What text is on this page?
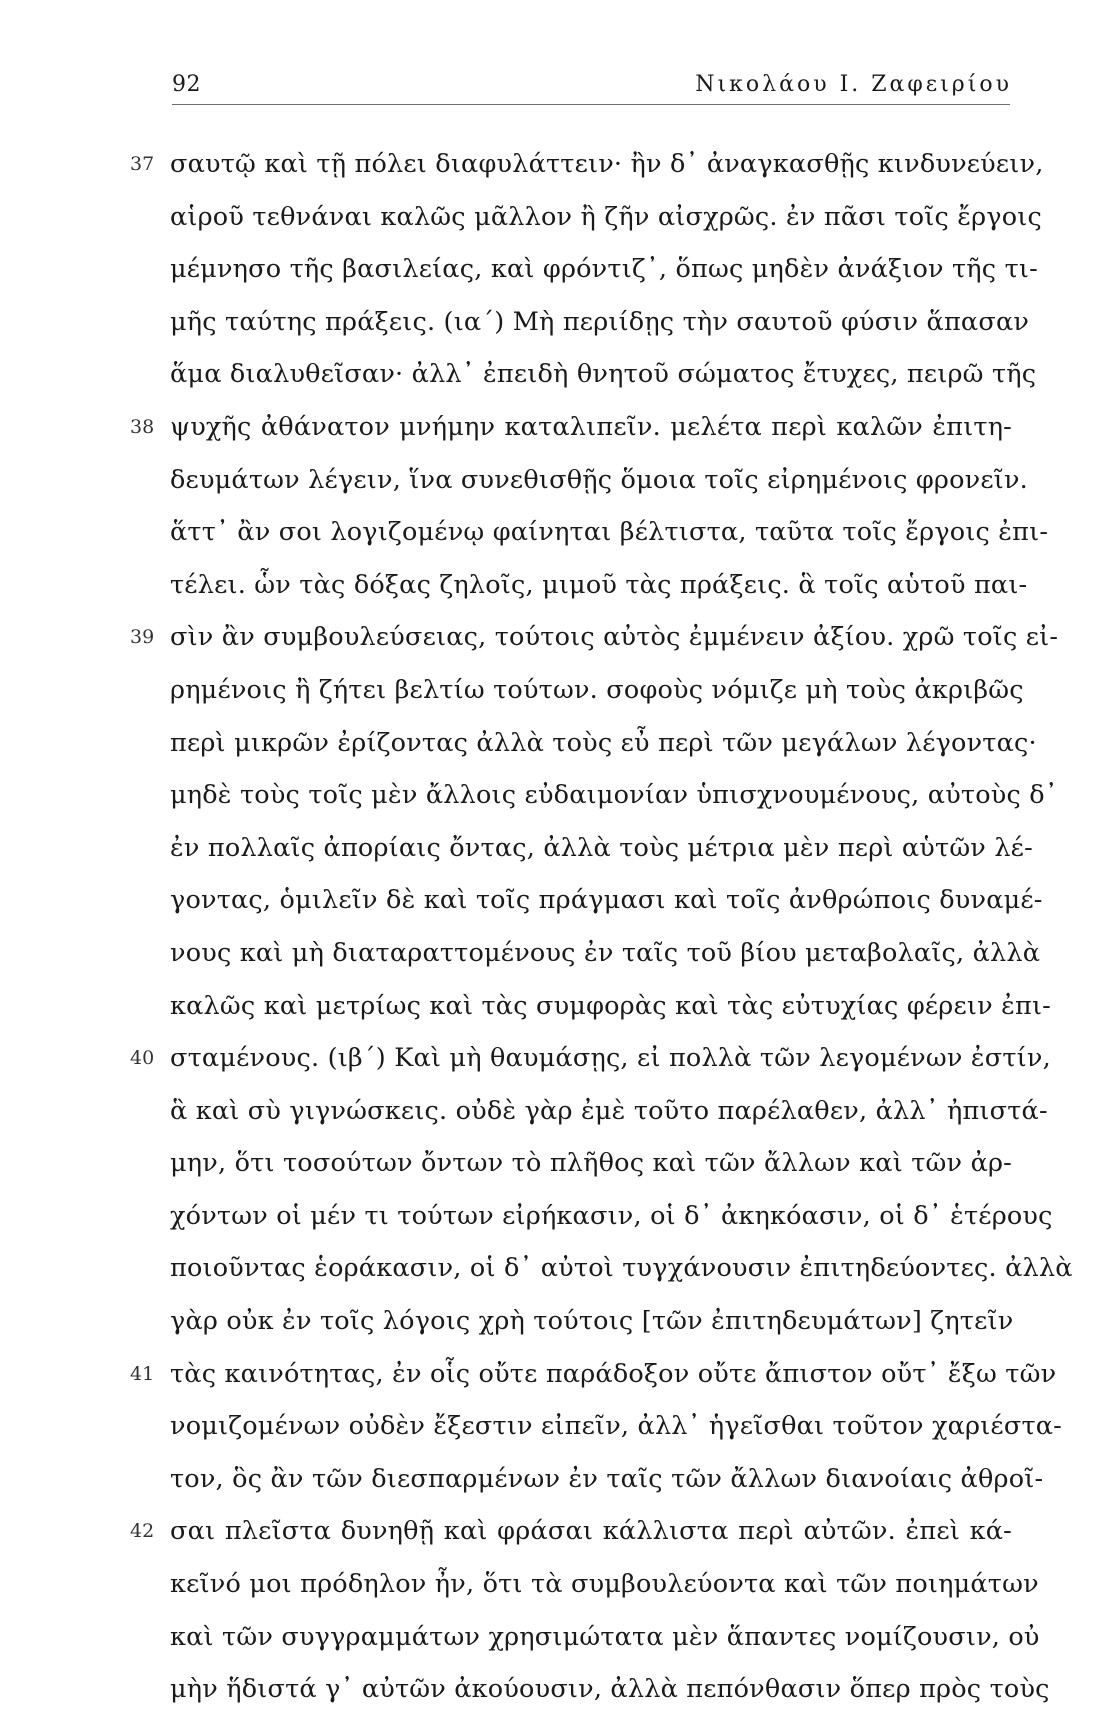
92	Νικολάου Ι. Ζαφειρίου
37 σαυτῷ καὶ τῇ πόλει διαφυλάττειν· ἢν δ᾽ ἀναγκασθῇς κινδυνεύειν,
αἱροῦ τεθνάναι καλῶς μᾶλλον ἢ ζῆν αἰσχρῶς. ἐν πᾶσι τοῖς ἔργοις
μέμνησο τῆς βασιλείας, καὶ φρόντιζ᾽, ὅπως μηδὲν ἀνάξιον τῆς τι-
μῆς ταύτης πράξεις. (ια΄) Μὴ περιίδῃς τὴν σαυτοῦ φύσιν ἅπασαν
ἅμα διαλυθεῖσαν· ἀλλ᾽ ἐπειδὴ θνητοῦ σώματος ἔτυχες, πειρῶ τῆς
38 ψυχῆς ἀθάνατον μνήμην καταλιπεῖν. μελέτα περὶ καλῶν ἐπιτη-
δευμάτων λέγειν, ἵνα συνεθισθῇς ὅμοια τοῖς εἰρημένοις φρονεῖν.
ἅττ᾽ ἂν σοι λογιζομένῳ φαίνηται βέλτιστα, ταῦτα τοῖς ἔργοις ἐπι-
τέλει. ὧν τὰς δόξας ζηλοῖς, μιμοῦ τὰς πράξεις. ἃ τοῖς αὑτοῦ παι-
39 σὶν ἂν συμβουλεύσειας, τούτοις αὐτὸς ἐμμένειν ἀξίου. χρῶ τοῖς εἰ-
ρημένοις ἢ ζήτει βελτίω τούτων. σοφοὺς νόμιζε μὴ τοὺς ἀκριβῶς
περὶ μικρῶν ἐρίζοντας ἀλλὰ τοὺς εὖ περὶ τῶν μεγάλων λέγοντας·
μηδὲ τοὺς τοῖς μὲν ἄλλοις εὐδαιμονίαν ὑπισχνουμένους, αὐτοὺς δ᾽
ἐν πολλαῖς ἀπορίαις ὄντας, ἀλλὰ τοὺς μέτρια μὲν περὶ αὑτῶν λέ-
γοντας, ὁμιλεῖν δὲ καὶ τοῖς πράγμασι καὶ τοῖς ἀνθρώποις δυναμέ-
νους καὶ μὴ διαταραττομένους ἐν ταῖς τοῦ βίου μεταβολαῖς, ἀλλὰ
καλῶς καὶ μετρίως καὶ τὰς συμφορὰς καὶ τὰς εὐτυχίας φέρειν ἐπι-
40 σταμένους. (ιβ΄) Καὶ μὴ θαυμάσῃς, εἰ πολλὰ τῶν λεγομένων ἐστίν,
ἃ καὶ σὺ γιγνώσκεις. οὐδὲ γὰρ ἐμὲ τοῦτο παρέλαθεν, ἀλλ᾽ ἠπιστά-
μην, ὅτι τοσούτων ὄντων τὸ πλῆθος καὶ τῶν ἄλλων καὶ τῶν ἀρ-
χόντων οἱ μέν τι τούτων εἰρήκασιν, οἱ δ᾽ ἀκηκόασιν, οἱ δ᾽ ἑτέρους
ποιοῦντας ἑοράκασιν, οἱ δ᾽ αὐτοὶ τυγχάνουσιν ἐπιτηδεύοντες. ἀλλὰ
γὰρ οὐκ ἐν τοῖς λόγοις χρὴ τούτοις [τῶν ἐπιτηδευμάτων] ζητεῖν
41 τὰς καινότητας, ἐν οἷς οὔτε παράδοξον οὔτε ἄπιστον οὔτ᾽ ἔξω τῶν
νομιζομένων οὐδὲν ἔξεστιν εἰπεῖν, ἀλλ᾽ ἡγεῖσθαι τοῦτον χαριέστα-
τον, ὃς ἂν τῶν διεσπαρμένων ἐν ταῖς τῶν ἄλλων διανοίαις ἀθροῖ-
42 σαι πλεῖστα δυνηθῇ καὶ φράσαι κάλλιστα περὶ αὐτῶν. ἐπεὶ κά-
κεῖνό μοι πρόδηλον ἦν, ὅτι τὰ συμβουλεύοντα καὶ τῶν ποιημάτων
καὶ τῶν συγγραμμάτων χρησιμώτατα μὲν ἅπαντες νομίζουσιν, οὐ
μὴν ἥδιστά γ᾽ αὐτῶν ἀκούουσιν, ἀλλὰ πεπόνθασιν ὅπερ πρὸς τοὺς
